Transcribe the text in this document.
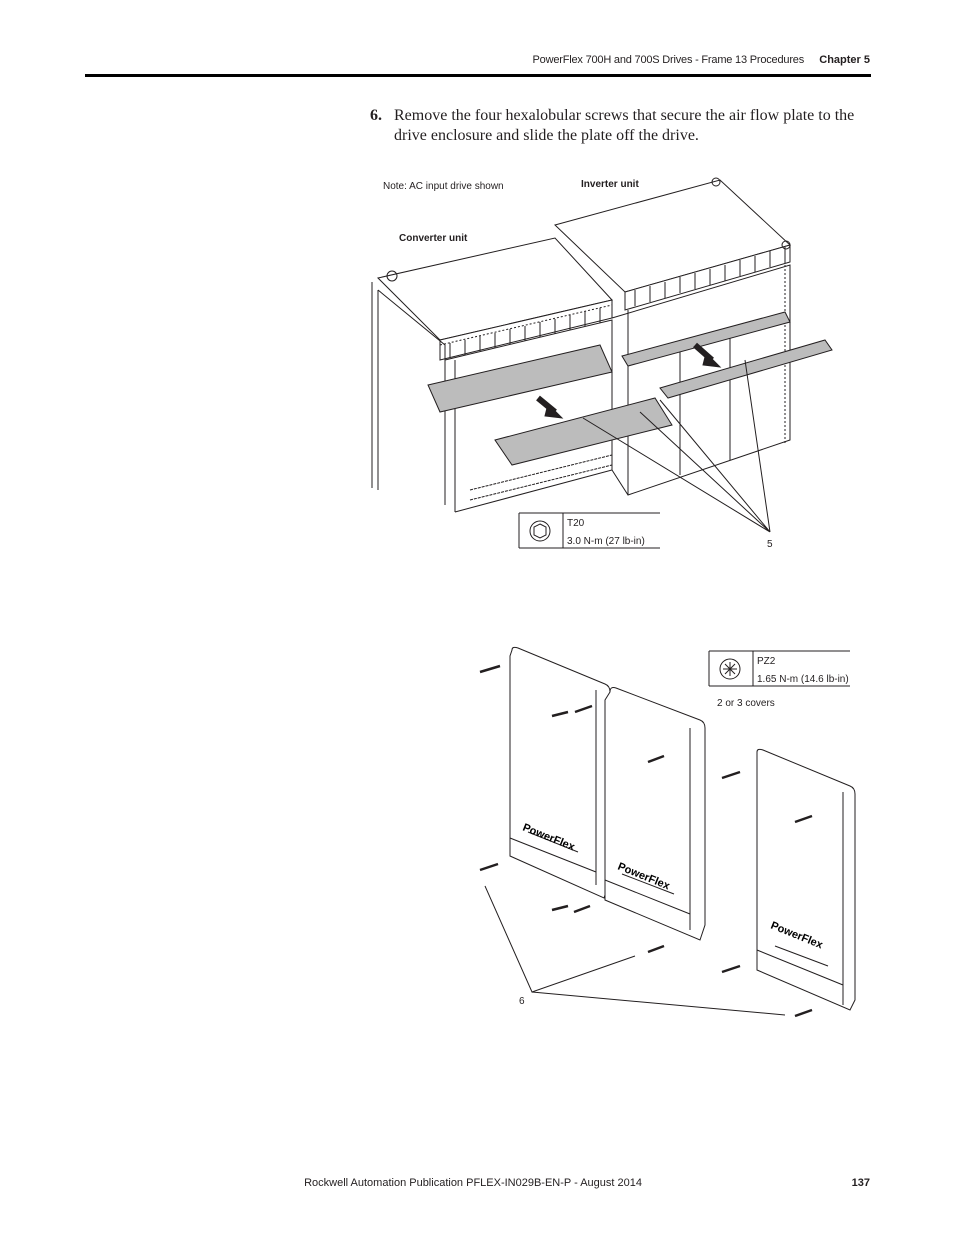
PowerFlex 700H and 700S Drives - Frame 13 Procedures Chapter 5
6. Remove the four hexalobular screws that secure the air flow plate to the drive enclosure and slide the plate off the drive.
Note: AC input drive shown	Inverter unit
Converter unit
T20
3.0 N-m (27 lb-in)	5
PowerFlex
PowerFlex
PowerFlex
PZ2
1.65 N-m (14.6 lb-in)
2 or 3 covers
6
Rockwell Automation Publication PFLEX-IN029B-EN-P - August 2014	137
